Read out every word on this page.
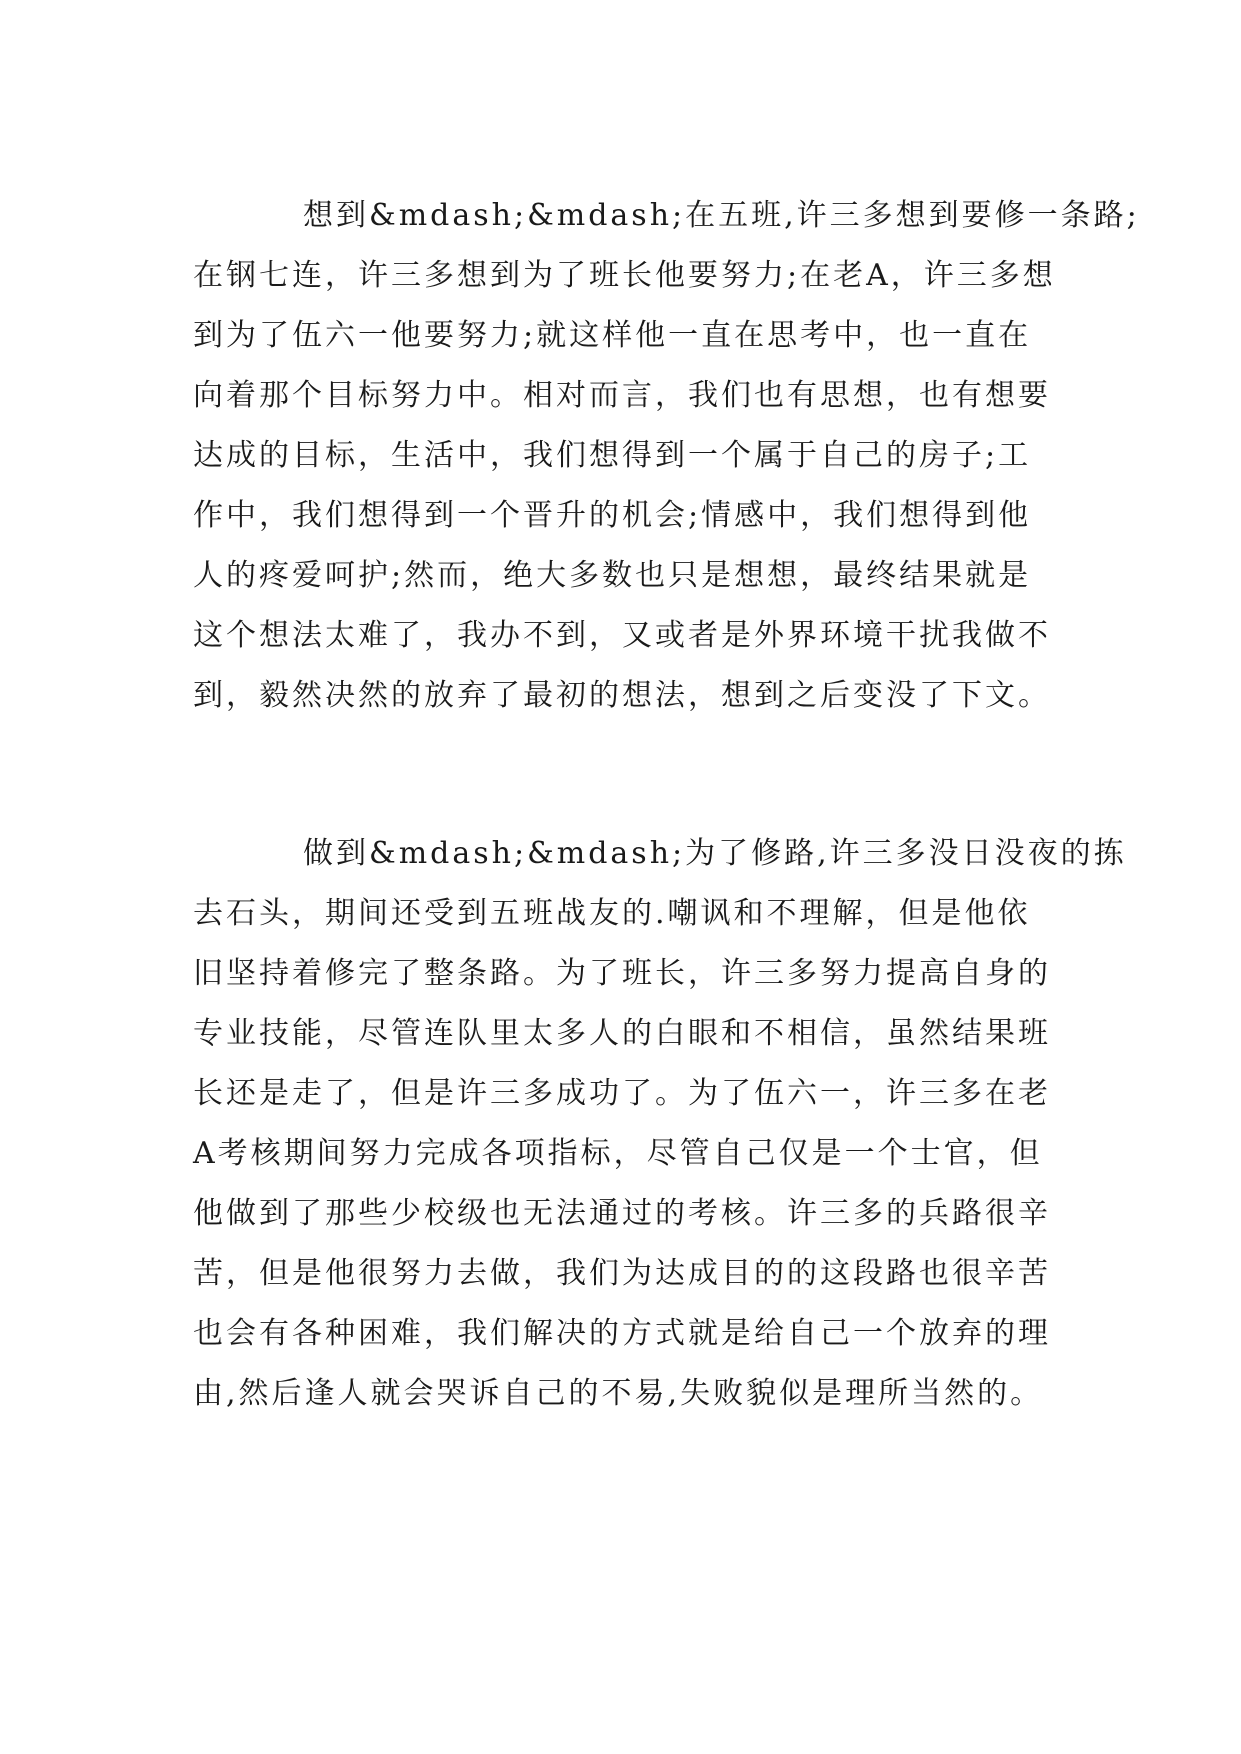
想到&mdash;&mdash;在五班,许三多想到要修一条路;
在钢七连，许三多想到为了班长他要努力;在老A，许三多想
到为了伍六一他要努力;就这样他一直在思考中，也一直在
向着那个目标努力中。相对而言，我们也有思想，也有想要
达成的目标，生活中，我们想得到一个属于自己的房子;工
作中，我们想得到一个晋升的机会;情感中，我们想得到他
人的疼爱呵护;然而，绝大多数也只是想想，最终结果就是
这个想法太难了，我办不到，又或者是外界环境干扰我做不
到，毅然决然的放弃了最初的想法，想到之后变没了下文。
做到&mdash;&mdash;为了修路,许三多没日没夜的拣
去石头，期间还受到五班战友的.嘲讽和不理解，但是他依
旧坚持着修完了整条路。为了班长，许三多努力提高自身的
专业技能，尽管连队里太多人的白眼和不相信，虽然结果班
长还是走了，但是许三多成功了。为了伍六一，许三多在老
A考核期间努力完成各项指标，尽管自己仅是一个士官，但
他做到了那些少校级也无法通过的考核。许三多的兵路很辛
苦，但是他很努力去做，我们为达成目的的这段路也很辛苦
也会有各种困难，我们解决的方式就是给自己一个放弃的理
由,然后逢人就会哭诉自己的不易,失败貌似是理所当然的。
